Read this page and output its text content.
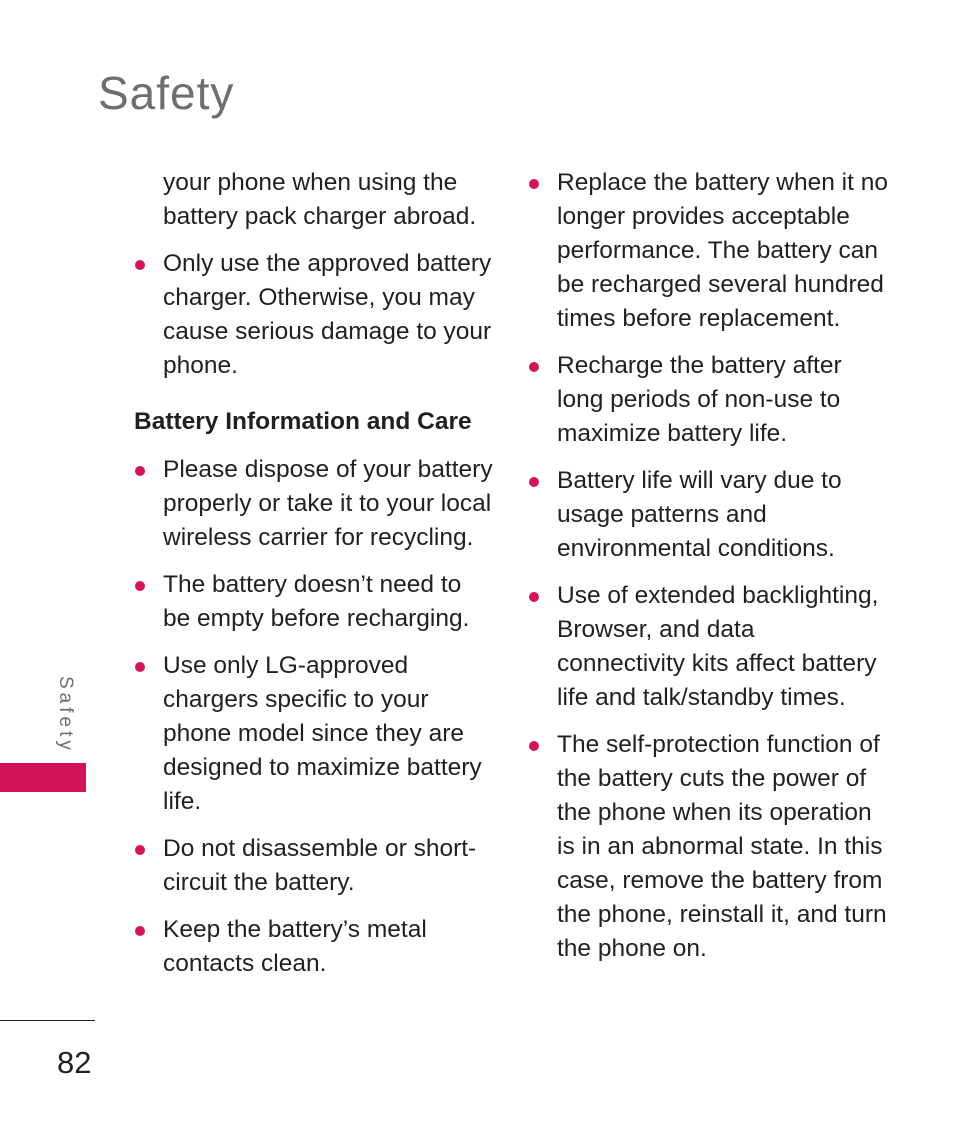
Safety

your phone when using the battery pack charger abroad.

Only use the approved battery charger. Otherwise, you may cause serious damage to your phone.
Battery Information and Care
Please dispose of your battery properly or take it to your local wireless carrier for recycling.
The battery doesn’t need to be empty before recharging.
Use only LG-approved chargers specific to your phone model since they are designed to maximize battery life.
Do not disassemble or short-circuit the battery.
Keep the battery’s metal contacts clean.
Replace the battery when it no longer provides acceptable performance. The battery can be recharged several hundred times before replacement.
Recharge the battery after long periods of non-use to maximize battery life.
Battery life will vary due to usage patterns and environmental conditions.
Use of extended backlighting, Browser, and data connectivity kits affect battery life and talk/standby times.
The self-protection function of the battery cuts the power of the phone when its operation is in an abnormal state. In this case, remove the battery from the phone, reinstall it, and turn the phone on.
Safety
82
